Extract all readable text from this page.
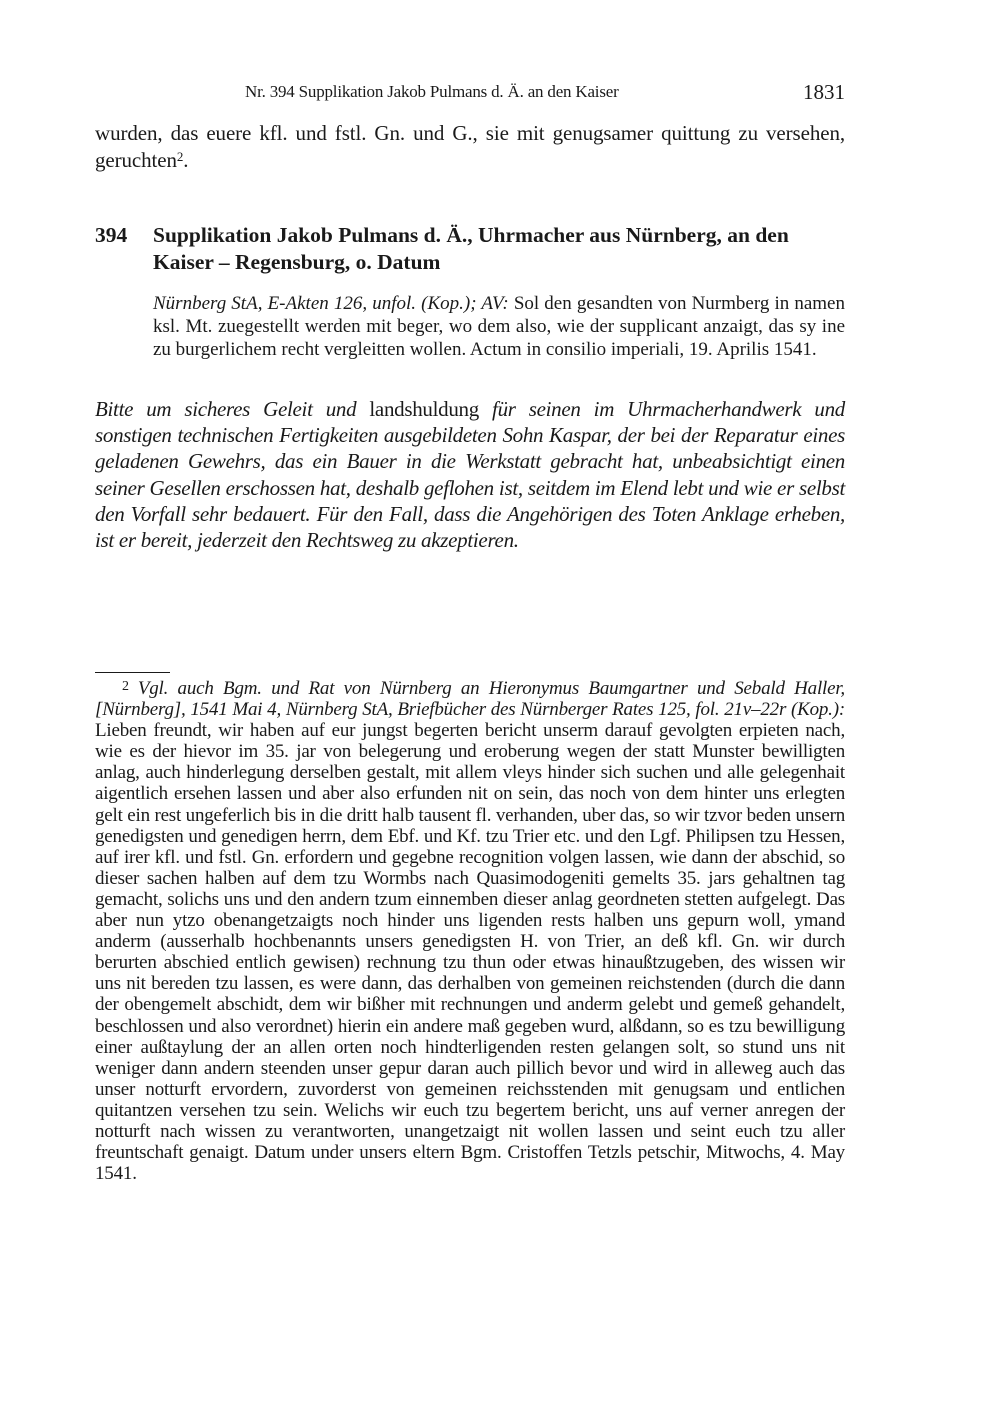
Nr. 394 Supplikation Jakob Pulmans d. Ä. an den Kaiser	1831

wurden, das euere kfl. und fstl. Gn. und G., sie mit genugsamer quittung zu versehen, geruchten$^2$.

394 Supplikation Jakob Pulmans d. Ä., Uhrmacher aus Nürnberg, an den Kaiser – Regensburg, o. Datum

Nürnberg StA, E-Akten 126, unfol. (Kop.); AV: Sol den gesandten von Nurmberg in namen ksl. Mt. zuegestellt werden mit beger, wo dem also, wie der supplicant anzaigt, das sy ine zu burgerlichem recht vergleitten wollen. Actum in consilio imperiali, 19. Aprilis 1541.

Bitte um sicheres Geleit und landshuldung für seinen im Uhrmacherhandwerk und sonstigen technischen Fertigkeiten ausgebildeten Sohn Kaspar, der bei der Reparatur eines geladenen Gewehrs, das ein Bauer in die Werkstatt gebracht hat, unbeabsichtigt einen seiner Gesellen erschossen hat, deshalb geflohen ist, seitdem im Elend lebt und wie er selbst den Vorfall sehr bedauert. Für den Fall, dass die Angehörigen des Toten Anklage erheben, ist er bereit, jederzeit den Rechtsweg zu akzeptieren.

$^2$ Vgl. auch Bgm. und Rat von Nürnberg an Hieronymus Baumgartner und Sebald Haller, [Nürnberg], 1541 Mai 4, Nürnberg StA, Briefbücher des Nürnberger Rates 125, fol. 21v–22r (Kop.): Lieben freundt, wir haben auf eur jungst begerten bericht unserm darauf gevolgten erpieten nach, wie es der hievor im 35. jar von belegerung und eroberung wegen der statt Munster bewilligten anlag, auch hinderlegung derselben gestalt, mit allem vleys hinder sich suchen und alle gelegenhait aigentlich ersehen lassen und aber also erfunden nit on sein, das noch von dem hinter uns erlegten gelt ein rest ungeferlich bis in die dritt halb tausent fl. verhanden, uber das, so wir tzvor beden unsern genedigsten und genedigen herrn, dem Ebf. und Kf. tzu Trier etc. und den Lgf. Philipsen tzu Hessen, auf irer kfl. und fstl. Gn. erfordern und gegebne recognition volgen lassen, wie dann der abschid, so dieser sachen halben auf dem tzu Wormbs nach Quasimodogeniti gemelts 35. jars gehaltnen tag gemacht, solichs uns und den andern tzum einnemben dieser anlag geordneten stetten aufgelegt. Das aber nun ytzo obenangetzaigts noch hinder uns ligenden rests halben uns gepurn woll, ymand anderm (ausserhalb hochbenannts unsers genedigsten H. von Trier, an deß kfl. Gn. wir durch berurten abschied entlich gewisen) rechnung tzu thun oder etwas hinaußtzugeben, des wissen wir uns nit bereden tzu lassen, es were dann, das derhalben von gemeinen reichstenden (durch die dann der obengemelt abschidt, dem wir bißher mit rechnungen und anderm gelebt und gemeß gehandelt, beschlossen und also verordnet) hierin ein andere maß gegeben wurd, alßdann, so es tzu bewilligung einer außtaylung der an allen orten noch hindterligenden resten gelangen solt, so stund uns nit weniger dann andern steenden unser gepur daran auch pillich bevor und wird in alleweg auch das unser notturft ervordern, zuvorderst von gemeinen reichsstenden mit genugsam und entlichen quitantzen versehen tzu sein. Welichs wir euch tzu begertem bericht, uns auf verner anregen der notturft nach wissen zu verantworten, unangetzaigt nit wollen lassen und seint euch tzu aller freuntschaft genaigt. Datum under unsers eltern Bgm. Cristoffen Tetzls petschir, Mitwochs, 4. May 1541.
